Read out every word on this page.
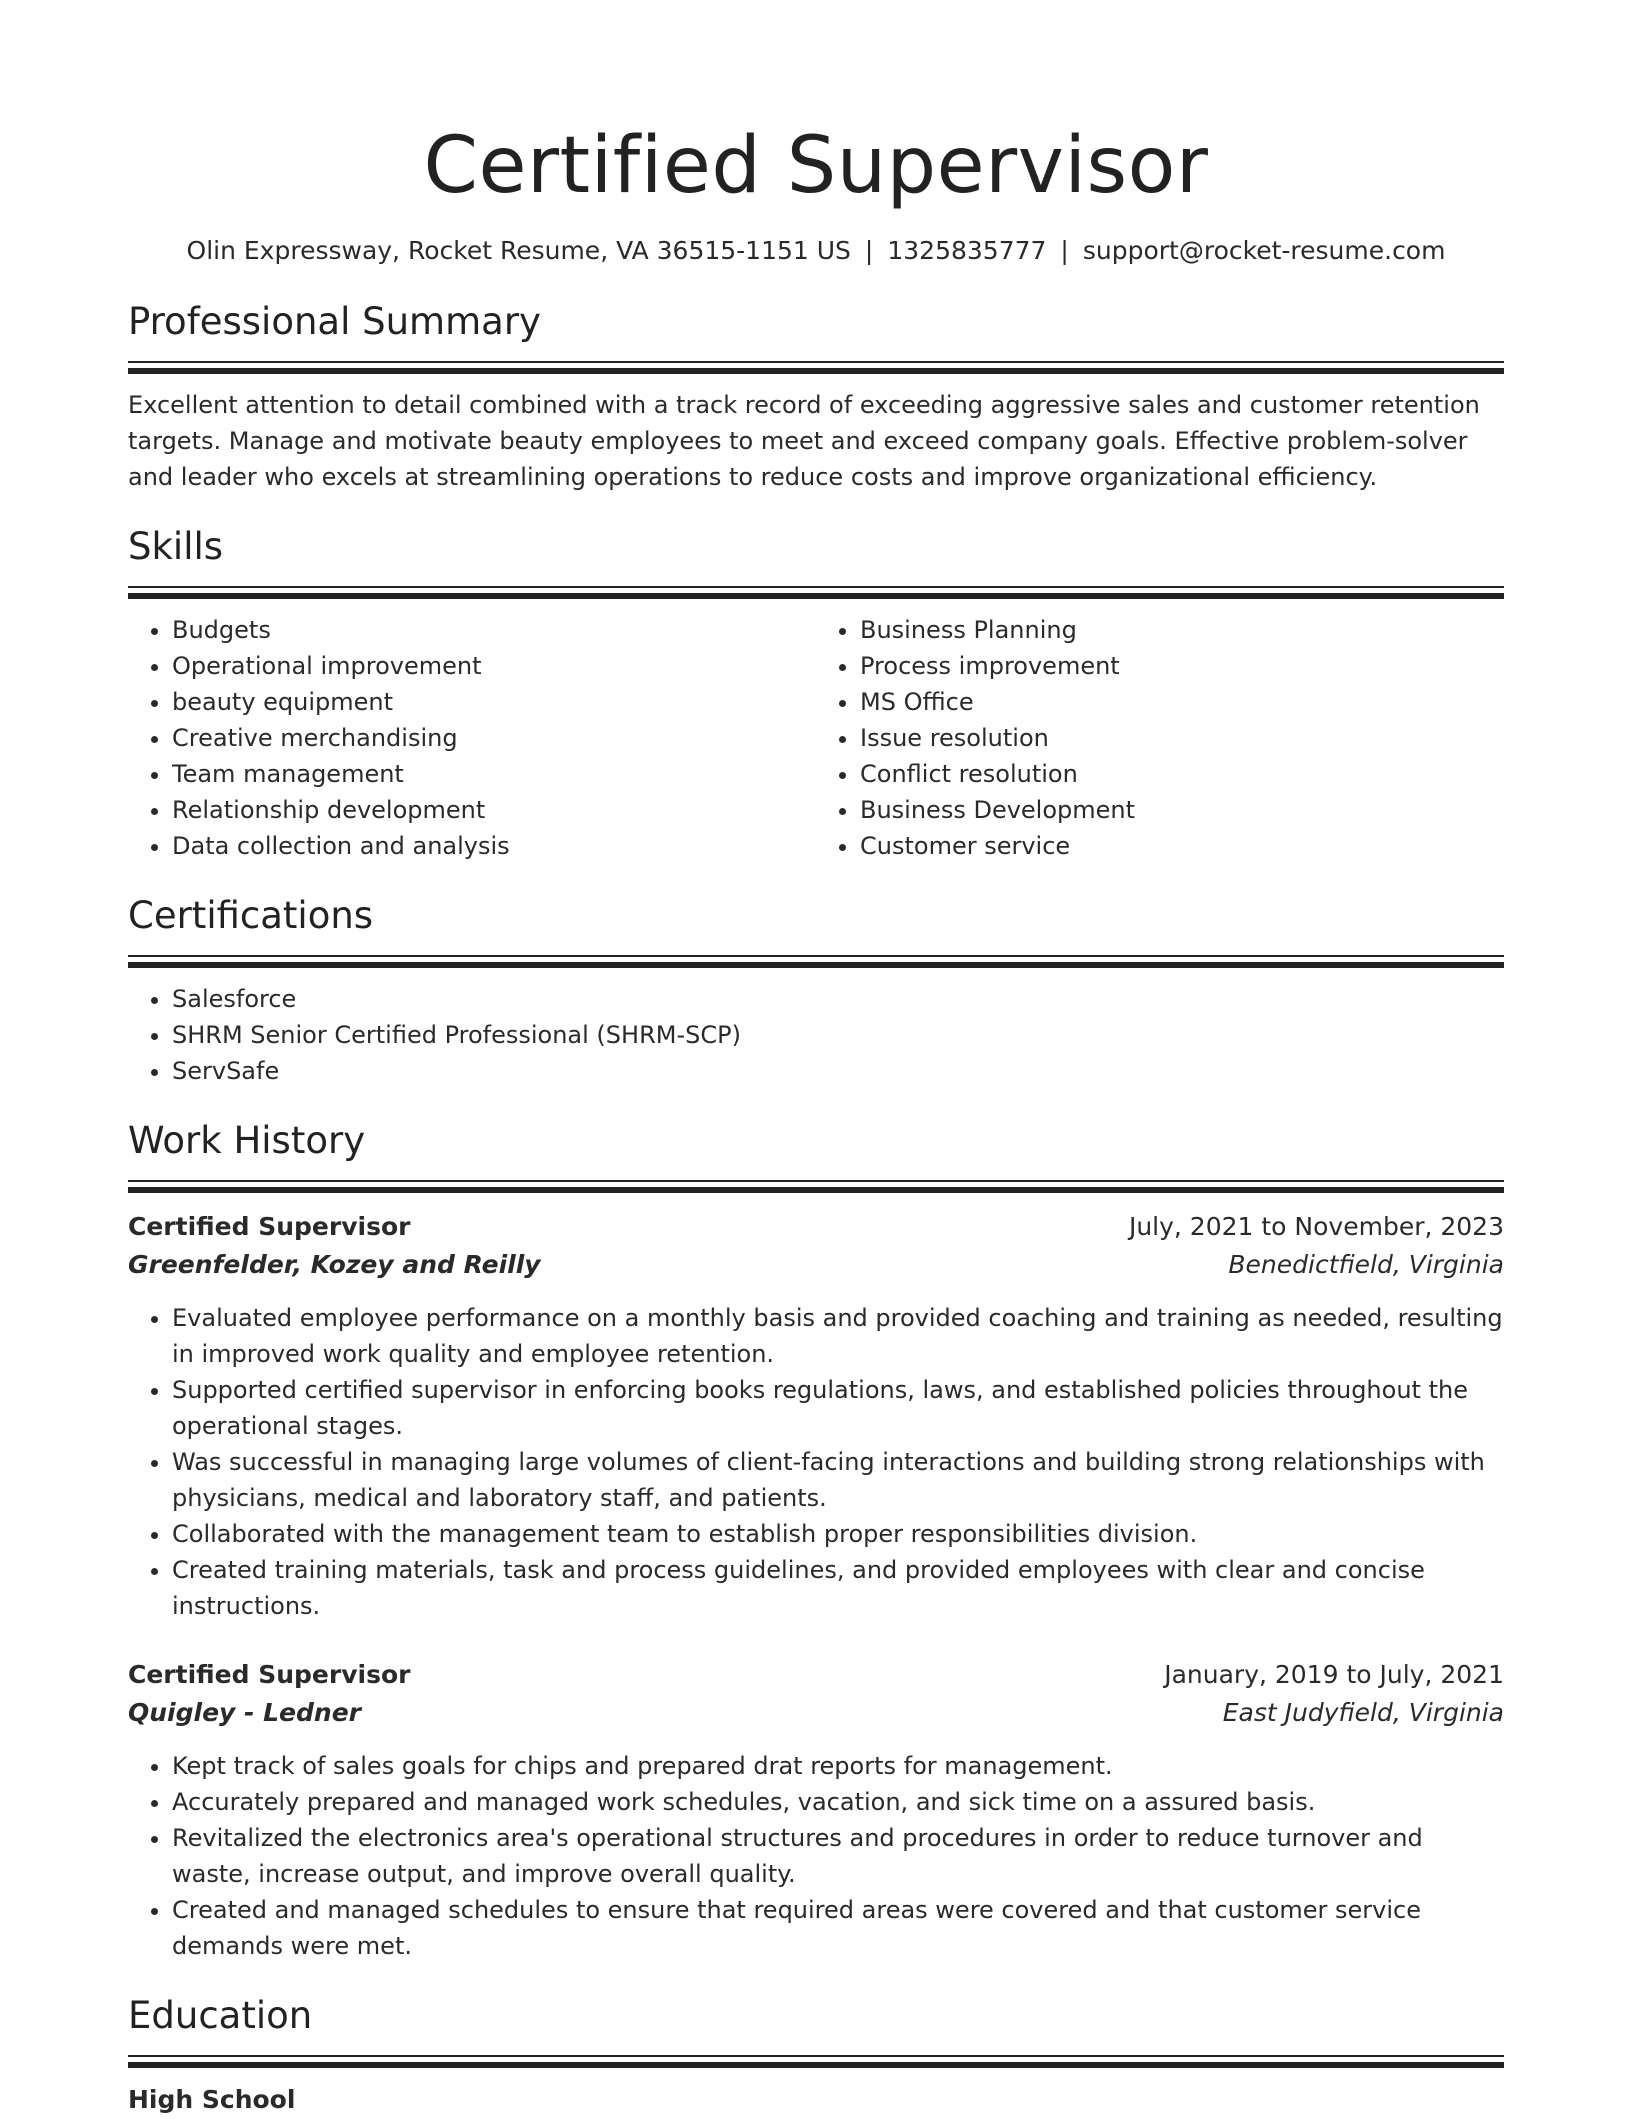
Certified Supervisor
Olin Expressway, Rocket Resume, VA 36515-1151 US | 1325835777 | support@rocket-resume.com
Professional Summary

Excellent attention to detail combined with a track record of exceeding aggressive sales and customer retention targets. Manage and motivate beauty employees to meet and exceed company goals. Effective problem-solver and leader who excels at streamlining operations to reduce costs and improve organizational efficiency.

Skills
• Budgets
• Operational improvement
• beauty equipment
• Creative merchandising
• Team management
• Relationship development
• Data collection and analysis
• Business Planning
• Process improvement
• MS Office
• Issue resolution
• Conflict resolution
• Business Development
• Customer service
Certifications
• Salesforce
• SHRM Senior Certified Professional (SHRM-SCP)
• ServSafe
Work History
Certified Supervisor	July, 2021 to November, 2023
Greenfelder, Kozey and Reilly	Benedictfield, Virginia
• Evaluated employee performance on a monthly basis and provided coaching and training as needed, resulting in improved work quality and employee retention.
• Supported certified supervisor in enforcing books regulations, laws, and established policies throughout the operational stages.
• Was successful in managing large volumes of client-facing interactions and building strong relationships with physicians, medical and laboratory staff, and patients.
• Collaborated with the management team to establish proper responsibilities division.
• Created training materials, task and process guidelines, and provided employees with clear and concise instructions.
Certified Supervisor	January, 2019 to July, 2021
Quigley - Ledner	East Judyfield, Virginia
• Kept track of sales goals for chips and prepared drat reports for management.
• Accurately prepared and managed work schedules, vacation, and sick time on a assured basis.
• Revitalized the electronics area's operational structures and procedures in order to reduce turnover and waste, increase output, and improve overall quality.
• Created and managed schedules to ensure that required areas were covered and that customer service demands were met.
Education
High School
